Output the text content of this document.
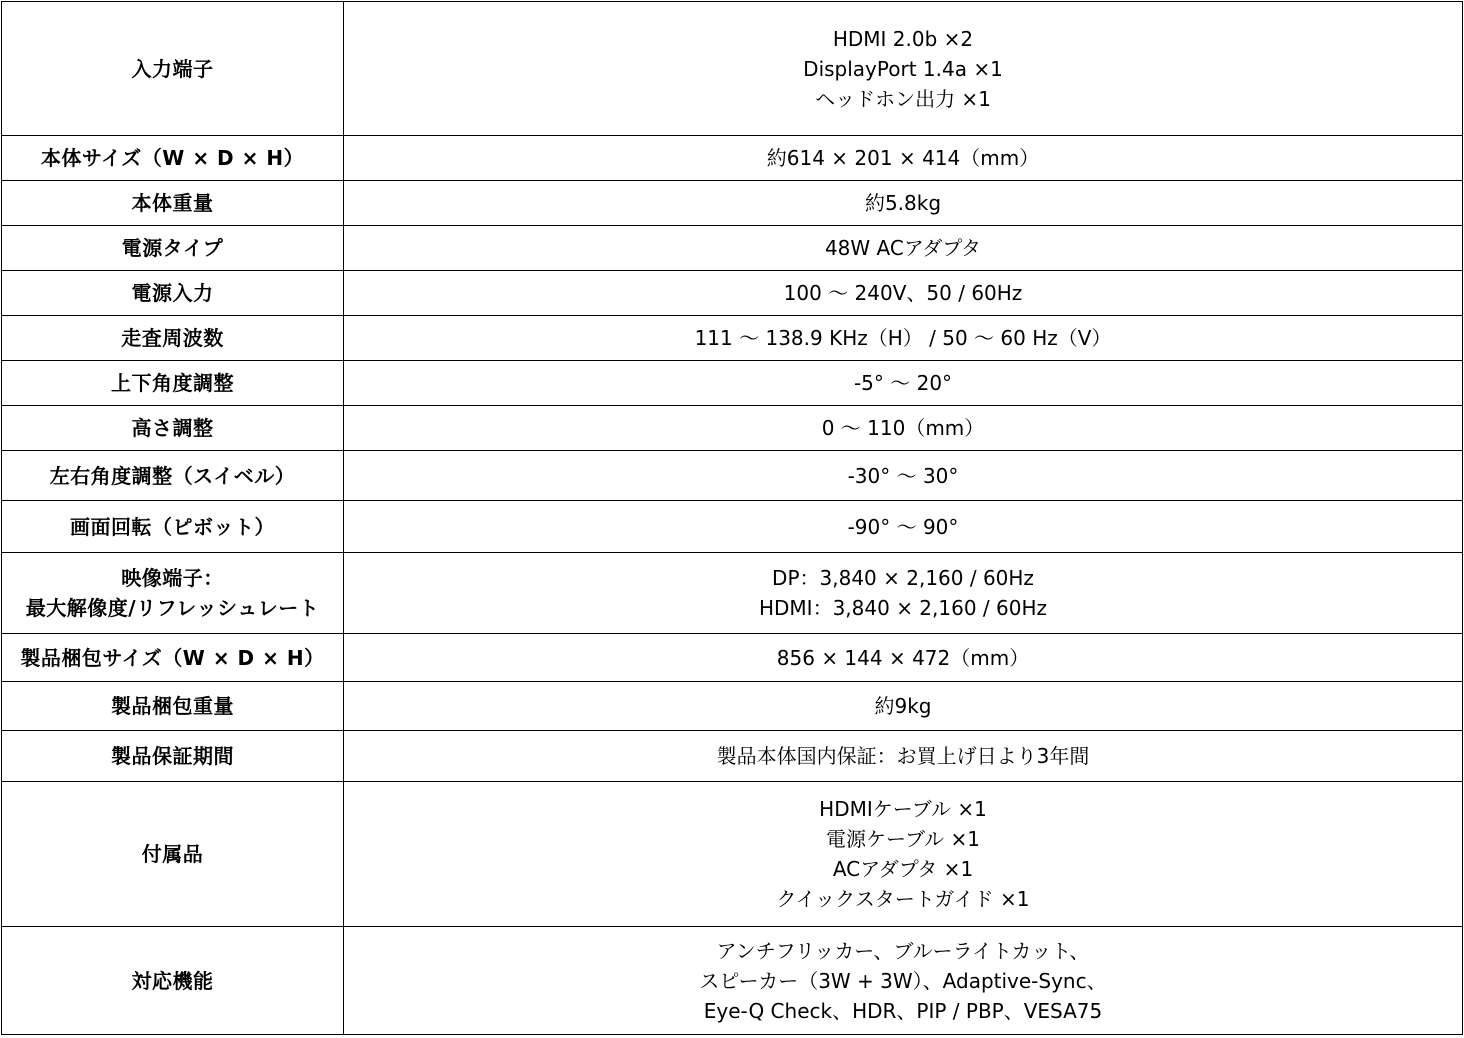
入力端子	HDMI 2.0b ×2
DisplayPort 1.4a ×1
ヘッドホン出力 ×1

本体サイズ（W × D × H）	約614 × 201 × 414（mm）

本体重量	約5.8kg

電源タイプ	48W ACアダプタ

電源入力	100 ～ 240V、50 / 60Hz

走査周波数	111 ～ 138.9 KHz（H） / 50 ～ 60 Hz（V）

上下角度調整	-5° ～ 20°

高さ調整	0 ～ 110（mm）

左右角度調整（スイベル）	-30° ～ 30°

画面回転（ピボット）	-90° ～ 90°

映像端子：
最大解像度/リフレッシュレート	DP：3,840 × 2,160 / 60Hz
HDMI：3,840 × 2,160 / 60Hz

製品梱包サイズ（W × D × H）	856 × 144 × 472（mm）

製品梱包重量	約9kg

製品保証期間	製品本体国内保証：お買上げ日より3年間

付属品	HDMIケーブル ×1
電源ケーブル ×1
ACアダプタ ×1
クイックスタートガイド ×1

対応機能	アンチフリッカー、ブルーライトカット、
スピーカー（3W + 3W）、Adaptive-Sync、
Eye-Q Check、HDR、PIP / PBP、VESA75
